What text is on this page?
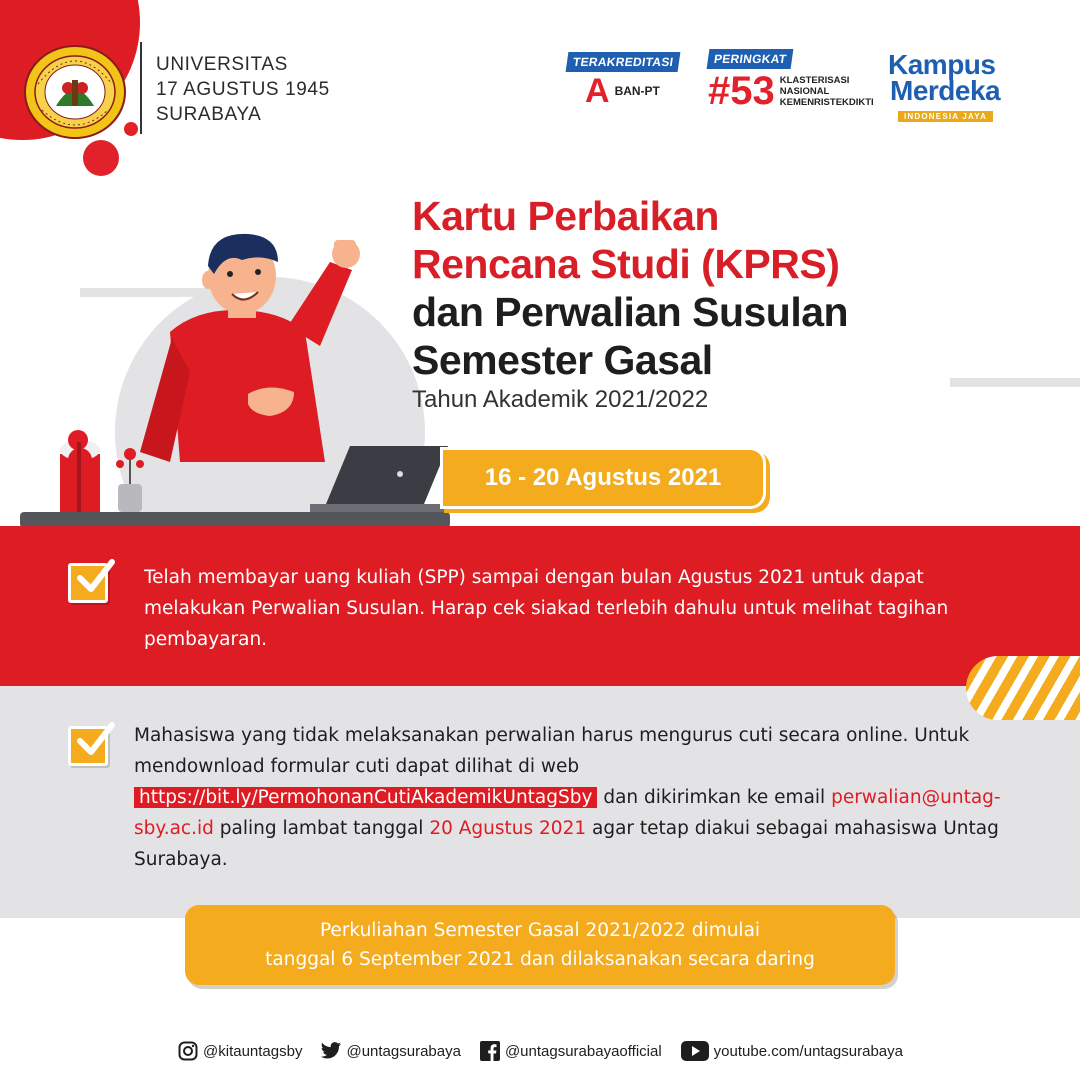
UNIVERSITAS
17 AGUSTUS 1945
SURABAYA
TERAKREDITASI
A BAN-PT
PERINGKAT
#53 KLASTERISASI
NASIONAL
KEMENRISTEKDIKTI
Kampus
Merdeka
INDONESIA JAYA
Kartu Perbaikan
Rencana Studi (KPRS)
dan Perwalian Susulan
Semester Gasal
Tahun Akademik 2021/2022
16 - 20 Agustus 2021
Telah membayar uang kuliah (SPP) sampai dengan bulan Agustus 2021 untuk dapat melakukan Perwalian Susulan. Harap cek siakad terlebih dahulu untuk melihat tagihan pembayaran.
Mahasiswa yang tidak melaksanakan perwalian harus mengurus cuti secara online. Untuk mendownload formular cuti dapat dilihat di web https://bit.ly/PermohonanCutiAkademikUntagSby dan dikirimkan ke email perwalian@untag-sby.ac.id paling lambat tanggal 20 Agustus 2021 agar tetap diakui sebagai mahasiswa Untag Surabaya.
Perkuliahan Semester Gasal 2021/2022 dimulai
tanggal 6 September 2021 dan dilaksanakan secara daring
@kitauntagsby	@untagsurabaya	@untagsurabayaofficial	youtube.com/untagsurabaya
